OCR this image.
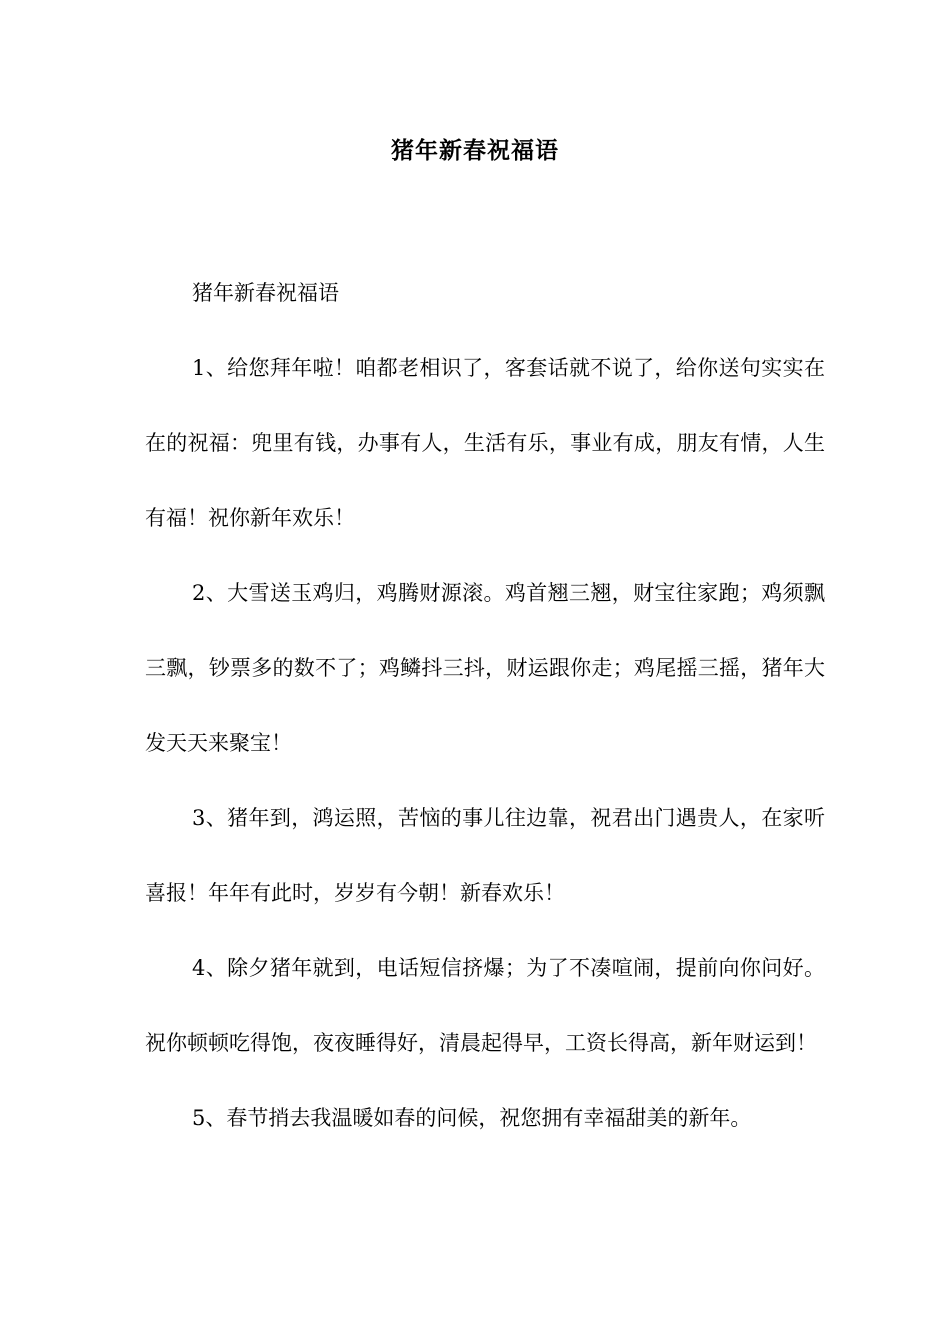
猪年新春祝福语

猪年新春祝福语

1、给您拜年啦！咱都老相识了，客套话就不说了，给你送句实实在在的祝福：兜里有钱，办事有人，生活有乐，事业有成，朋友有情，人生有福！祝你新年欢乐！

2、大雪送玉鸡归，鸡腾财源滚。鸡首翘三翘，财宝往家跑；鸡须飘三飘，钞票多的数不了；鸡鳞抖三抖，财运跟你走；鸡尾摇三摇，猪年大发天天来聚宝！

3、猪年到，鸿运照，苦恼的事儿往边靠，祝君出门遇贵人，在家听喜报！年年有此时，岁岁有今朝！新春欢乐！

4、除夕猪年就到，电话短信挤爆；为了不凑喧闹，提前向你问好。祝你顿顿吃得饱，夜夜睡得好，清晨起得早，工资长得高，新年财运到！

5、春节捎去我温暖如春的问候，祝您拥有幸福甜美的新年。
